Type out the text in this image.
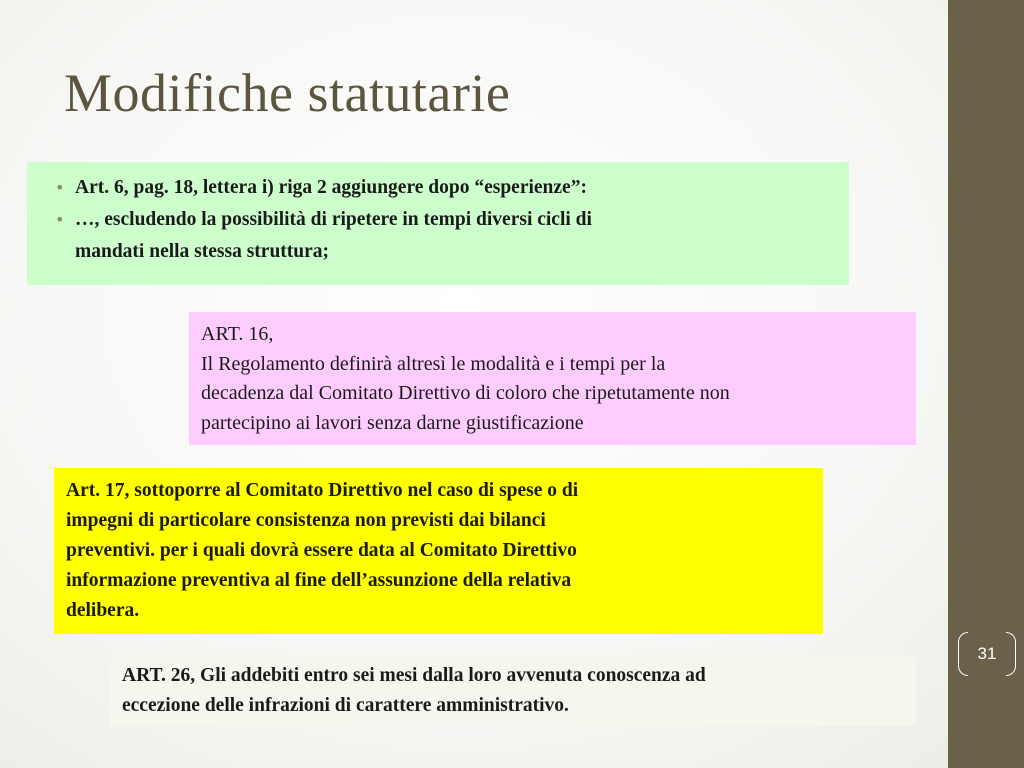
31
Modifiche statutarie
• Art. 6, pag. 18, lettera i) riga 2 aggiungere dopo “esperienze”:
• …, escludendo la possibilità di ripetere in tempi diversi cicli di
mandati nella stessa struttura;
ART. 16,
Il Regolamento definirà altresì le modalità e i tempi per la
decadenza dal Comitato Direttivo di coloro che ripetutamente non
partecipino ai lavori senza darne giustificazione
Art. 17, sottoporre al Comitato Direttivo nel caso di spese o di
impegni di particolare consistenza non previsti dai bilanci
preventivi. per i quali dovrà essere data al Comitato Direttivo
informazione preventiva al fine dell’assunzione della relativa
delibera.
ART. 26, Gli addebiti entro sei mesi dalla loro avvenuta conoscenza ad
eccezione delle infrazioni di carattere amministrativo.
